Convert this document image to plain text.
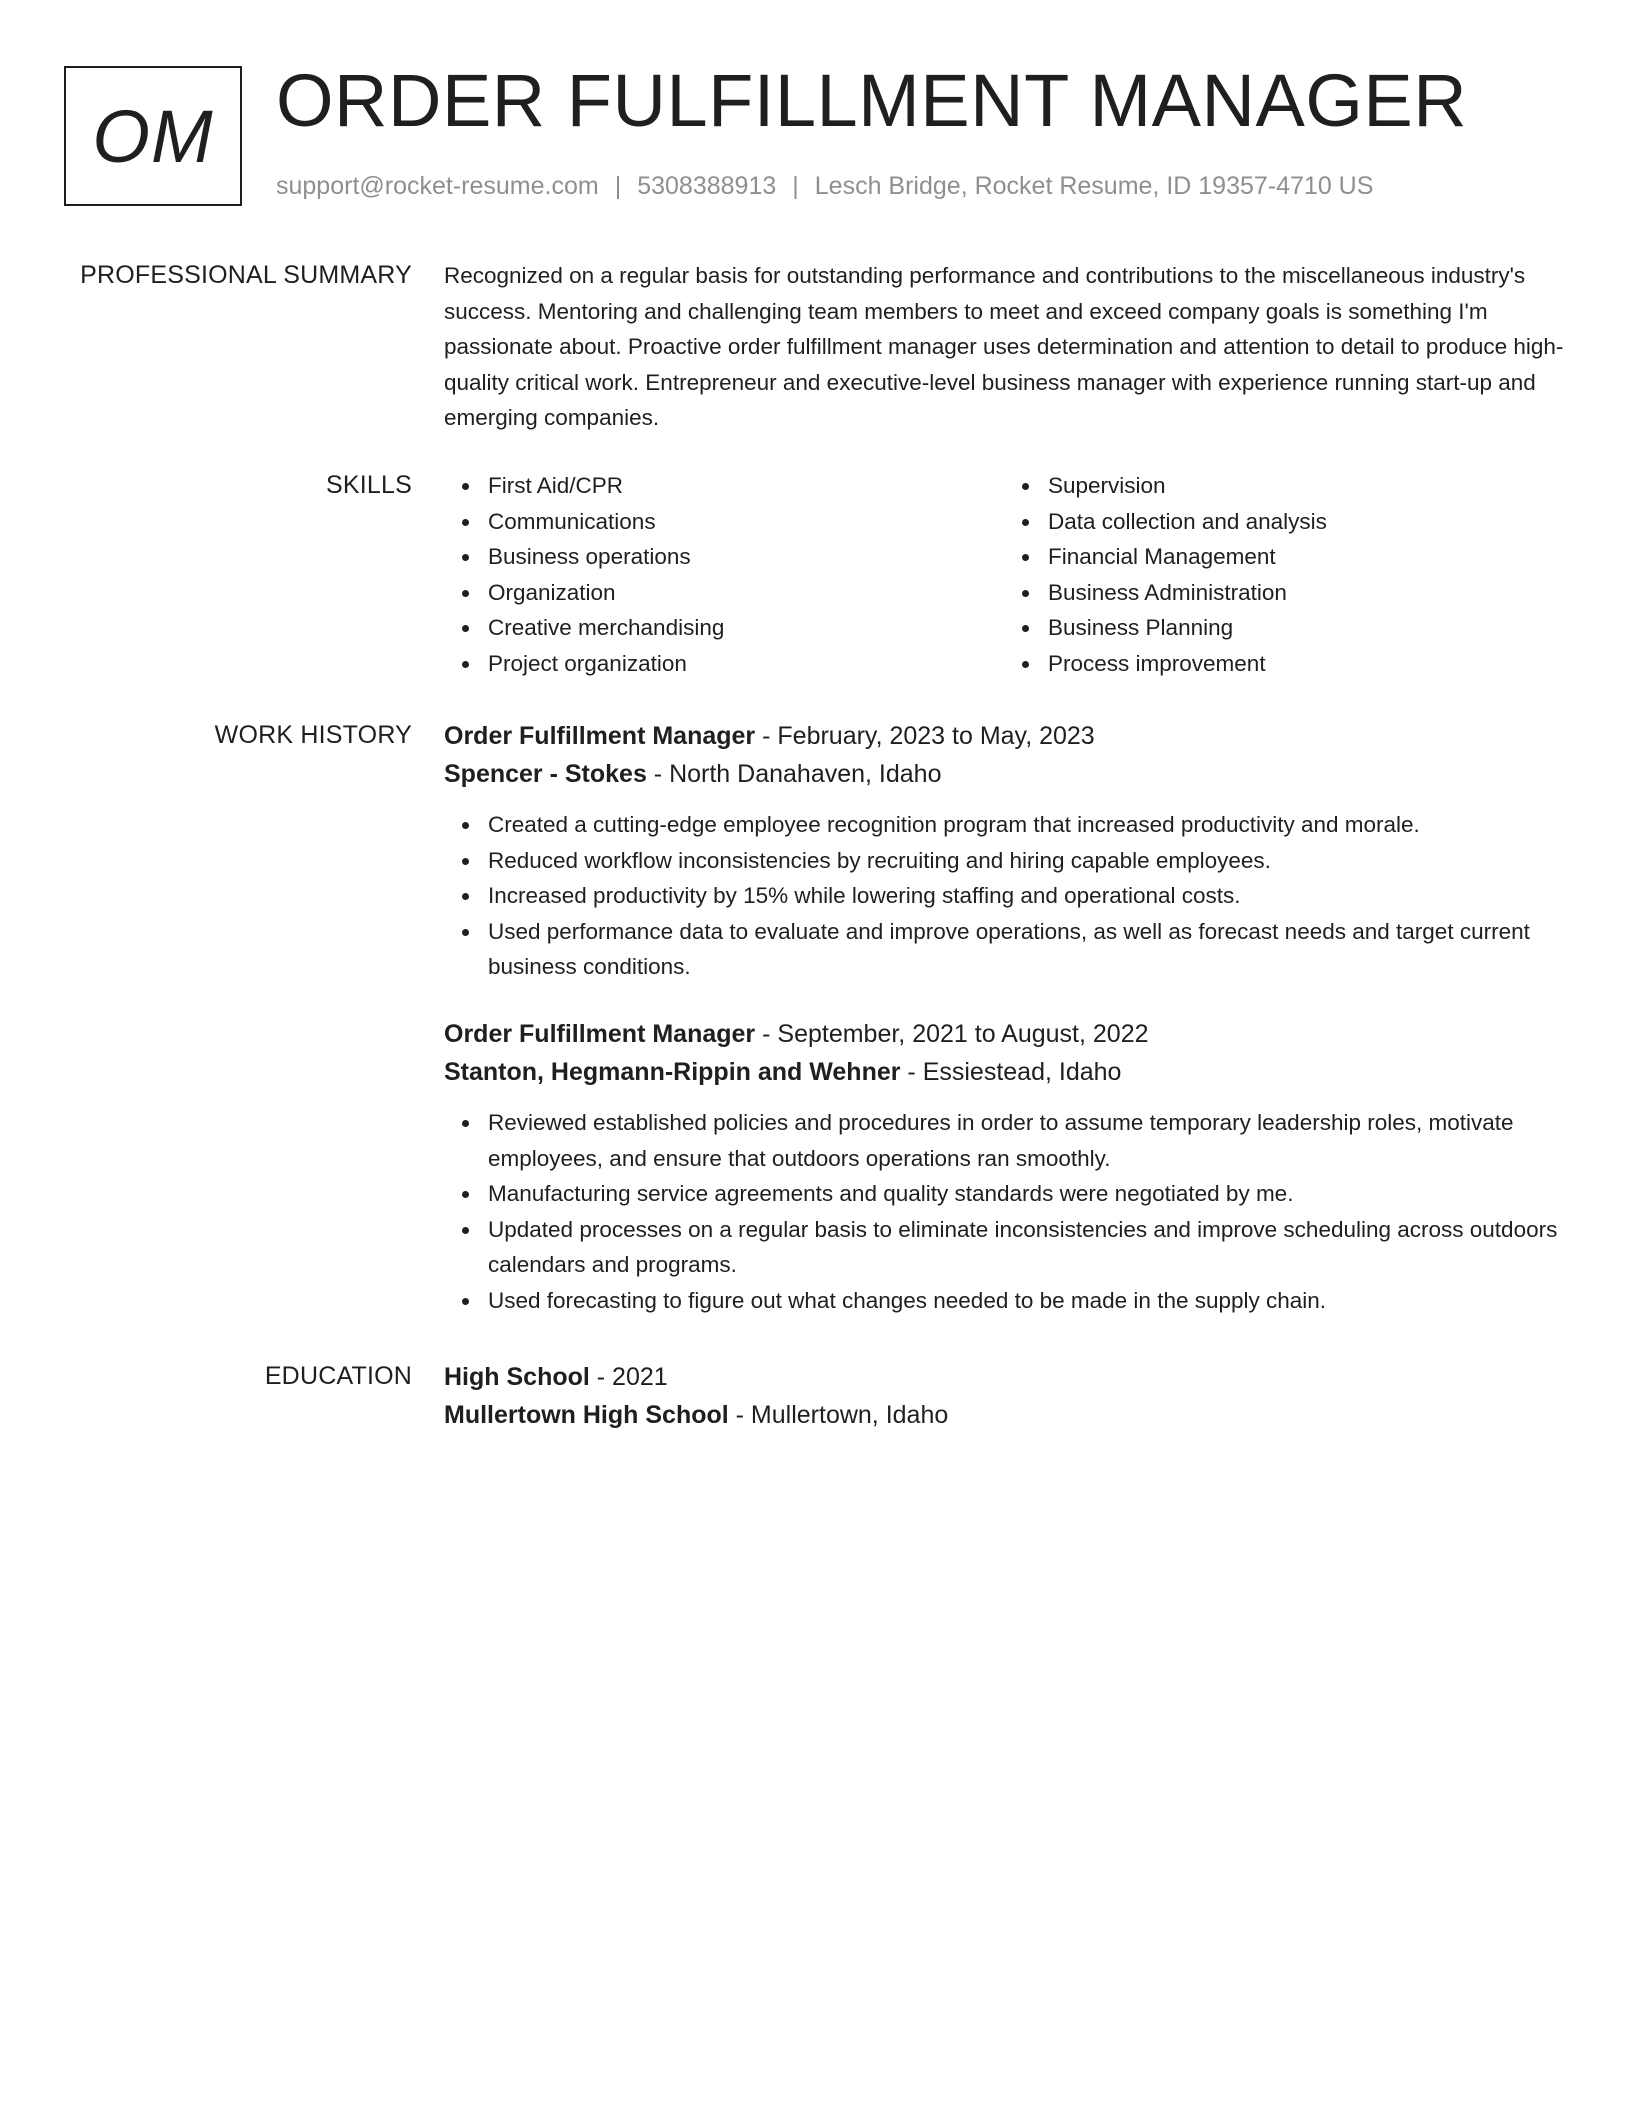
OM ORDER FULFILLMENT MANAGER
support@rocket-resume.com | 5308388913 | Lesch Bridge, Rocket Resume, ID 19357-4710 US
PROFESSIONAL SUMMARY Recognized on a regular basis for outstanding performance and contributions to the miscellaneous industry's success. Mentoring and challenging team members to meet and exceed company goals is something I'm passionate about. Proactive order fulfillment manager uses determination and attention to detail to produce high-quality critical work. Entrepreneur and executive-level business manager with experience running start-up and emerging companies.

SKILLS	First Aid/CPR
Communications
Business operations
Organization
Creative merchandising
Project organization
Supervision
Data collection and analysis
Financial Management
Business Administration
Business Planning
Process improvement
WORK HISTORY Order Fulfillment Manager - February, 2023 to May, 2023
Spencer - Stokes - North Danahaven, Idaho
Created a cutting-edge employee recognition program that increased productivity and morale.
Reduced workflow inconsistencies by recruiting and hiring capable employees.
Increased productivity by 15% while lowering staffing and operational costs.
Used performance data to evaluate and improve operations, as well as forecast needs and target current business conditions.
Order Fulfillment Manager - September, 2021 to August, 2022
Stanton, Hegmann-Rippin and Wehner - Essiestead, Idaho
Reviewed established policies and procedures in order to assume temporary leadership roles, motivate employees, and ensure that outdoors operations ran smoothly.
Manufacturing service agreements and quality standards were negotiated by me.
Updated processes on a regular basis to eliminate inconsistencies and improve scheduling across outdoors calendars and programs.
Used forecasting to figure out what changes needed to be made in the supply chain.
EDUCATION High School - 2021
Mullertown High School - Mullertown, Idaho
